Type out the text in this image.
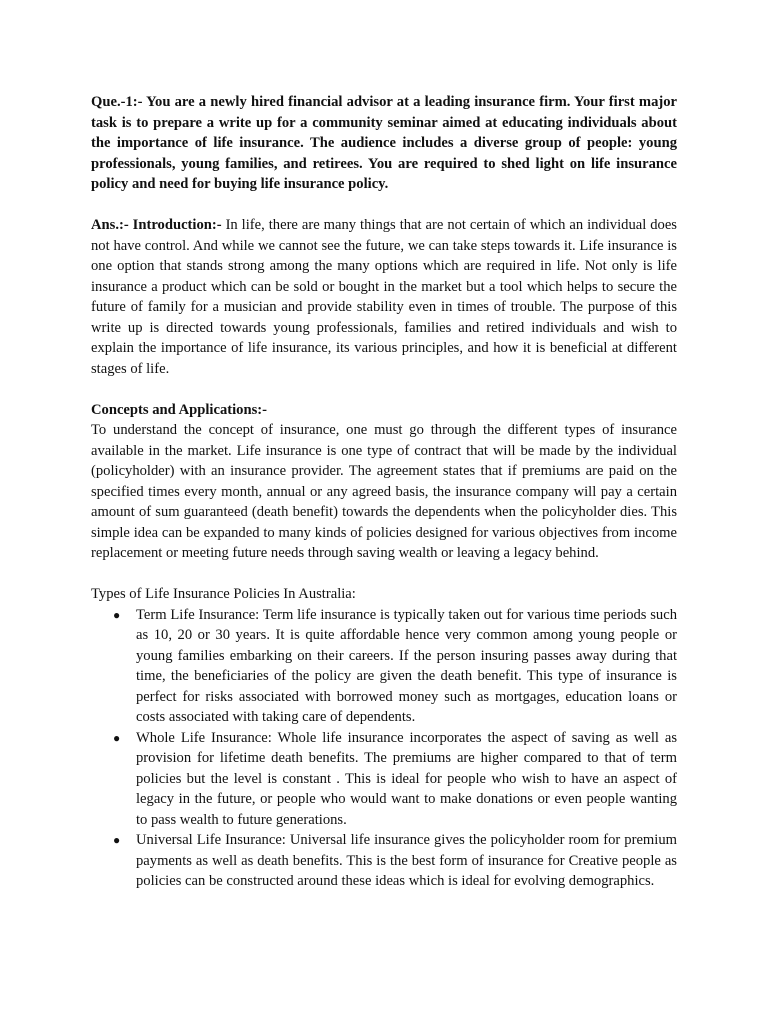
Que.-1:- You are a newly hired financial advisor at a leading insurance firm. Your first major task is to prepare a write up for a community seminar aimed at educating individuals about the importance of life insurance. The audience includes a diverse group of people: young professionals, young families, and retirees. You are required to shed light on life insurance policy and need for buying life insurance policy.

Ans.:- Introduction:- In life, there are many things that are not certain of which an individual does not have control. And while we cannot see the future, we can take steps towards it. Life insurance is one option that stands strong among the many options which are required in life. Not only is life insurance a product which can be sold or bought in the market but a tool which helps to secure the future of family for a musician and provide stability even in times of trouble. The purpose of this write up is directed towards young professionals, families and retired individuals and wish to explain the importance of life insurance, its various principles, and how it is beneficial at different stages of life.

Concepts and Applications:-

To understand the concept of insurance, one must go through the different types of insurance available in the market. Life insurance is one type of contract that will be made by the individual (policyholder) with an insurance provider. The agreement states that if premiums are paid on the specified times every month, annual or any agreed basis, the insurance company will pay a certain amount of sum guaranteed (death benefit) towards the dependents when the policyholder dies. This simple idea can be expanded to many kinds of policies designed for various objectives from income replacement or meeting future needs through saving wealth or leaving a legacy behind.

Types of Life Insurance Policies In Australia:

● Term Life Insurance: Term life insurance is typically taken out for various time periods such as 10, 20 or 30 years. It is quite affordable hence very common among young people or young families embarking on their careers. If the person insuring passes away during that time, the beneficiaries of the policy are given the death benefit. This type of insurance is perfect for risks associated with borrowed money such as mortgages, education loans or costs associated with taking care of dependents.
● Whole Life Insurance: Whole life insurance incorporates the aspect of saving as well as provision for lifetime death benefits. The premiums are higher compared to that of term policies but the level is constant . This is ideal for people who wish to have an aspect of legacy in the future, or people who would want to make donations or even people wanting to pass wealth to future generations.
● Universal Life Insurance: Universal life insurance gives the policyholder room for premium payments as well as death benefits. This is the best form of insurance for Creative people as policies can be constructed around these ideas which is ideal for evolving demographics.
